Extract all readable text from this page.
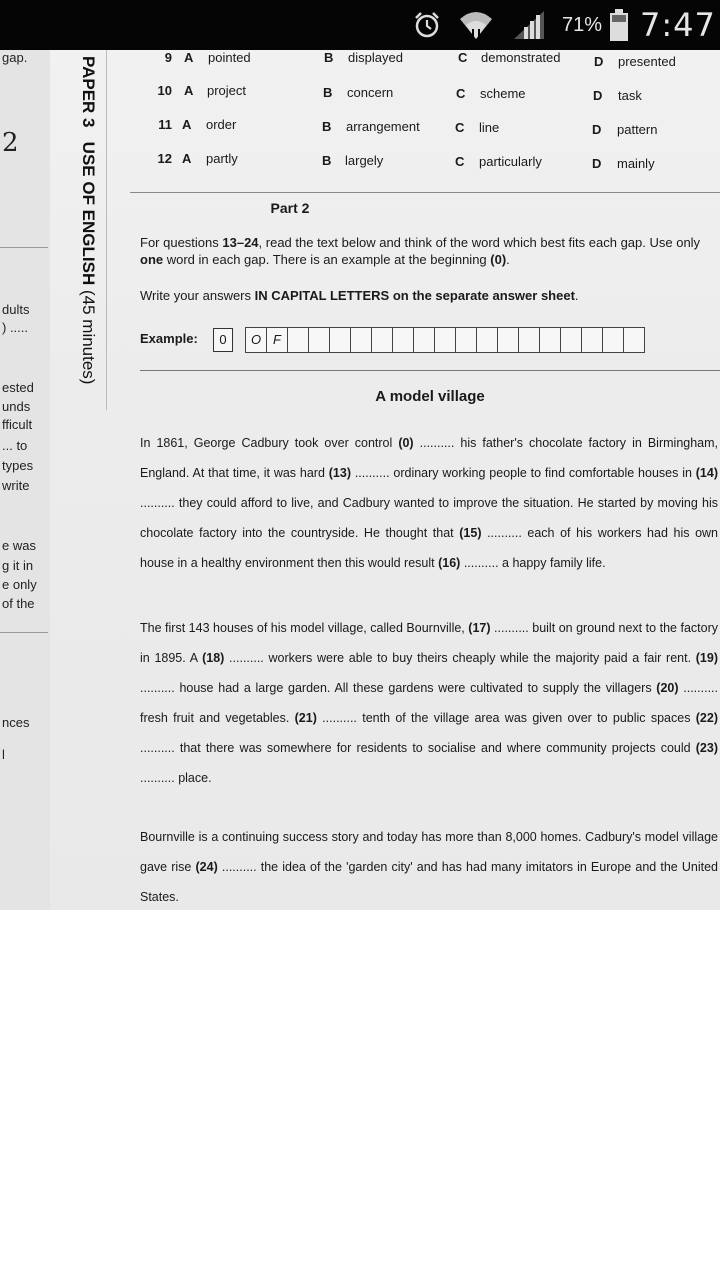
71% 7:47
gap.
2
dults
) .....
ested
unds
fficult
... to
types
write
e was
g it in
e only
of the
nces
l
PAPER 3   USE OF ENGLISH (45 minutes)
9 A pointed	B displayed	C demonstrated	D presented
10 A project	B concern	C scheme	D task
11 A order	B arrangement	C line	D pattern
12 A partly	B largely	C particularly	D mainly
Part 2
For questions 13–24, read the text below and think of the word which best fits each gap. Use only one word in each gap. There is an example at the beginning (0).
Write your answers IN CAPITAL LETTERS on the separate answer sheet.
Example:	0	O F
A model village
In 1861, George Cadbury took over control (0) .......... his father's chocolate factory in Birmingham, England. At that time, it was hard (13) .......... ordinary working people to find comfortable houses in (14) .......... they could afford to live, and Cadbury wanted to improve the situation. He started by moving his chocolate factory into the countryside. He thought that (15) .......... each of his workers had his own house in a healthy environment then this would result (16) .......... a happy family life.
The first 143 houses of his model village, called Bournville, (17) .......... built on ground next to the factory in 1895. A (18) .......... workers were able to buy theirs cheaply while the majority paid a fair rent. (19) .......... house had a large garden. All these gardens were cultivated to supply the villagers (20) .......... fresh fruit and vegetables. (21) .......... tenth of the village area was given over to public spaces (22) .......... that there was somewhere for residents to socialise and where community projects could (23) .......... place.
Bournville is a continuing success story and today has more than 8,000 homes. Cadbury's model village gave rise (24) .......... the idea of the 'garden city' and has had many imitators in Europe and the United States.
